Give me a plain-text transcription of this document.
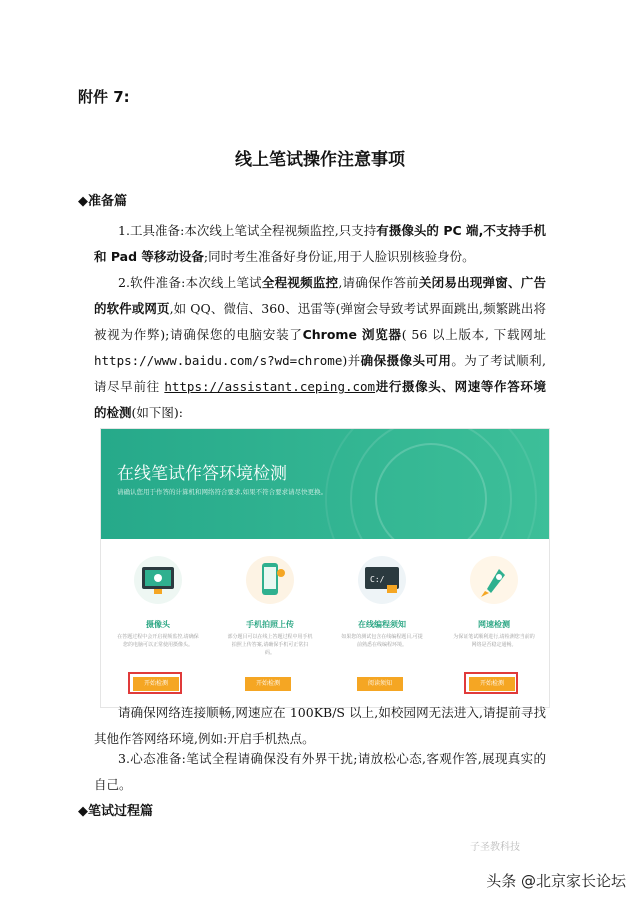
附件 7:
线上笔试操作注意事项
◆准备篇
1.工具准备:本次线上笔试全程视频监控,只支持有摄像头的 PC 端,不支持手机和 Pad 等移动设备;同时考生准备好身份证,用于人脸识别核验身份。
2.软件准备:本次线上笔试全程视频监控,请确保作答前关闭易出现弹窗、广告的软件或网页,如 QQ、微信、360、迅雷等(弹窗会导致考试界面跳出,频繁跳出将被视为作弊);请确保您的电脑安装了Chrome 浏览器( 56 以上版本, 下载网址 https://www.baidu.com/s?wd=chrome)并确保摄像头可用。为了考试顺利,请尽早前往 https://assistant.ceping.com进行摄像头、网速等作答环境的检测(如下图):
在线笔试作答环境检测
请确认您用于作答的计算机和网络符合要求,如果不符合要求请尽快更换。
摄像头
在答题过程中会开启视频监控,请确保您的电脑可以正常使用摄像头。
开始检测
手机拍照上传
部分题目可以在线上答题过程中用手机拍照上传答案,请确保手机可正常扫码。
开始检测
C:/
在线编程须知
如果您的测试包含在线编程题目,可提前熟悉在线编程环境。
阅读须知
网速检测
为保证笔试顺利进行,请检测您当前的网络是否稳定通畅。
开始检测
请确保网络连接顺畅,网速应在 100KB/S 以上,如校园网无法进入,请提前寻找其他作答网络环境,例如:开启手机热点。
3.心态准备:笔试全程请确保没有外界干扰;请放松心态,客观作答,展现真实的自己。
◆笔试过程篇
子圣教科技
头条 @北京家长论坛
